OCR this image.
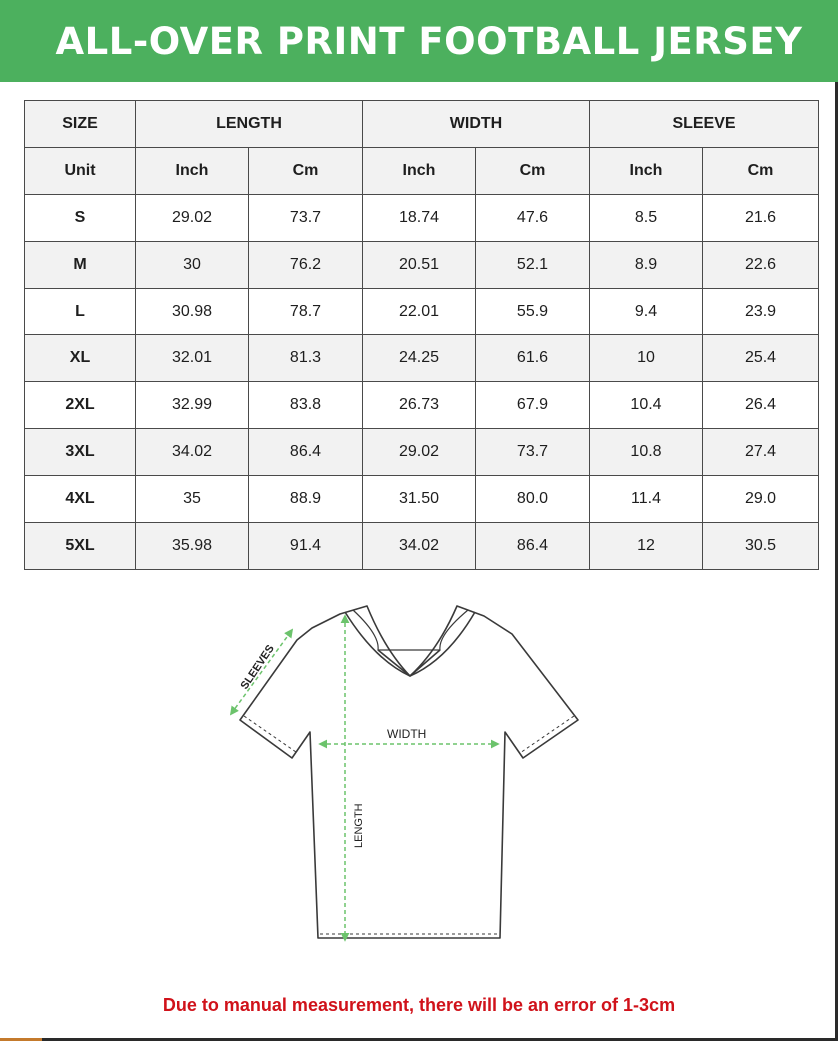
ALL-OVER PRINT FOOTBALL JERSEY
SIZE	LENGTH		WIDTH		SLEEVE	
Unit	Inch	Cm	Inch	Cm	Inch	Cm
S	29.02	73.7	18.74	47.6	8.5	21.6
M	30	76.2	20.51	52.1	8.9	22.6
L	30.98	78.7	22.01	55.9	9.4	23.9
XL	32.01	81.3	24.25	61.6	10	25.4
2XL	32.99	83.8	26.73	67.9	10.4	26.4
3XL	34.02	86.4	29.02	73.7	10.8	27.4
4XL	35	88.9	31.50	80.0	11.4	29.0
5XL	35.98	91.4	34.02	86.4	12	30.5
SLEEVES
WIDTH
LENGTH
Due to manual measurement, there will be an error of 1-3cm
